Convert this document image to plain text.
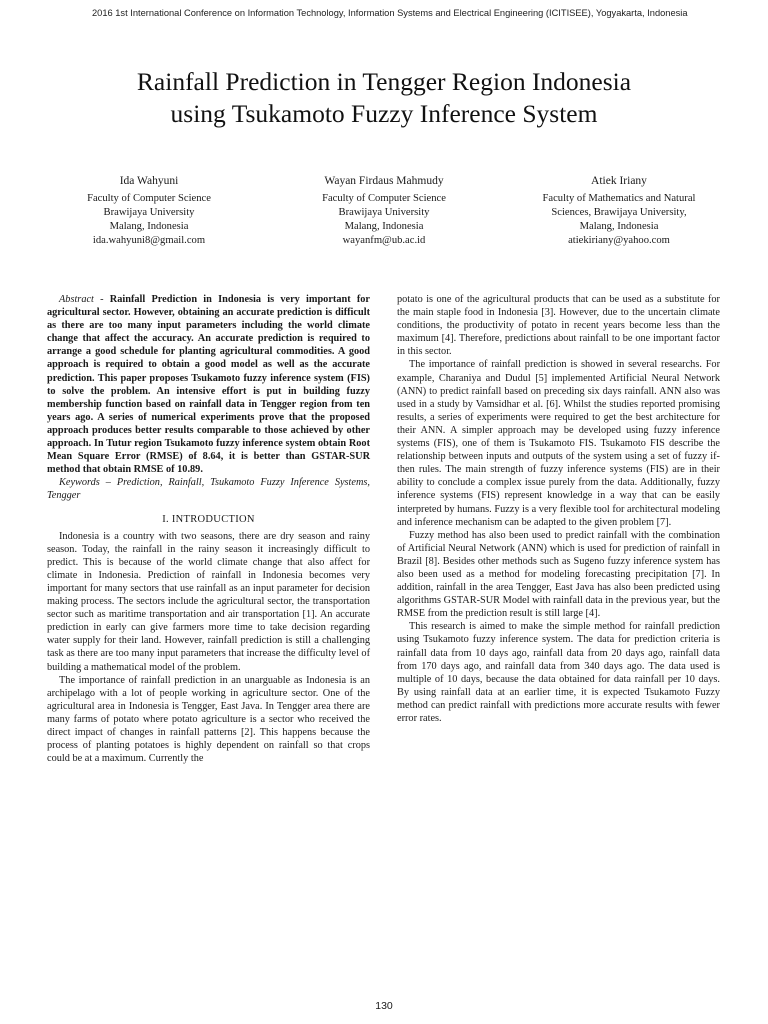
2016 1st International Conference on Information Technology, Information Systems and Electrical Engineering (ICITISEE), Yogyakarta, Indonesia
Rainfall Prediction in Tengger Region Indonesia
using Tsukamoto Fuzzy Inference System
Ida Wahyuni
Faculty of Computer Science
Brawijaya University
Malang, Indonesia
ida.wahyuni8@gmail.com
Wayan Firdaus Mahmudy
Faculty of Computer Science
Brawijaya University
Malang, Indonesia
wayanfm@ub.ac.id
Atiek Iriany
Faculty of Mathematics and Natural
Sciences, Brawijaya University,
Malang, Indonesia
atiekiriany@yahoo.com

Abstract - Rainfall Prediction in Indonesia is very important for agricultural sector. However, obtaining an accurate prediction is difficult as there are too many input parameters including the world climate change that affect the accuracy. An accurate prediction is required to arrange a good schedule for planting agricultural commodities. A good approach is required to obtain a good model as well as the accurate prediction. This paper proposes Tsukamoto fuzzy inference system (FIS) to solve the problem. An intensive effort is put in building fuzzy membership function based on rainfall data in Tengger region from ten years ago. A series of numerical experiments prove that the proposed approach produces better results comparable to those achieved by other approach. In Tutur region Tsukamoto fuzzy inference system obtain Root Mean Square Error (RMSE) of 8.64, it is better than GSTAR-SUR method that obtain RMSE of 10.89.

Keywords – Prediction, Rainfall, Tsukamoto Fuzzy Inference Systems, Tengger

I. INTRODUCTION

Indonesia is a country with two seasons, there are dry season and rainy season. Today, the rainfall in the rainy season it increasingly difficult to predict. This is because of the world climate change that also affect for climate in Indonesia. Prediction of rainfall in Indonesia becomes very important for many sectors that use rainfall as an input parameter for decision making process. The sectors include the agricultural sector, the transportation sector such as maritime transportation and air transportation [1]. An accurate prediction in early can give farmers more time to take decision regarding water supply for their land. However, rainfall prediction is still a challenging task as there are too many input parameters that increase the difficulty level of building a mathematical model of the problem.

The importance of rainfall prediction in an unarguable as Indonesia is an archipelago with a lot of people working in agriculture sector. One of the agricultural area in Indonesia is Tengger, East Java. In Tengger area there are many farms of potato where potato agriculture is a sector who received the direct impact of changes in rainfall patterns [2]. This happens because the process of planting potatoes is highly dependent on rainfall so that crops could be at a maximum. Currently the

potato is one of the agricultural products that can be used as a substitute for the main staple food in Indonesia [3]. However, due to the uncertain climate conditions, the productivity of potato in recent years become less than the maximum [4]. Therefore, predictions about rainfall to be one important factor in this sector.

The importance of rainfall prediction is showed in several researchs. For example, Charaniya and Dudul [5] implemented Artificial Neural Network (ANN) to predict rainfall based on preceding six days rainfall. ANN also was used in a study by Vamsidhar et al. [6]. Whilst the studies reported promising results, a series of experiments were required to get the best architecture for their ANN. A simpler approach may be developed using fuzzy inference systems (FIS), one of them is Tsukamoto FIS. Tsukamoto FIS describe the relationship between inputs and outputs of the system using a set of fuzzy if-then rules. The main strength of fuzzy inference systems (FIS) are in their ability to conclude a complex issue purely from the data. Additionally, fuzzy inference systems (FIS) represent knowledge in a way that can be easily interpreted by humans. Fuzzy is a very flexible tool for architectural modeling and inference mechanism can be adapted to the given problem [7].

Fuzzy method has also been used to predict rainfall with the combination of Artificial Neural Network (ANN) which is used for prediction of rainfall in Brazil [8]. Besides other methods such as Sugeno fuzzy inference system has also been used as a method for modeling forecasting precipitation [7]. In addition, rainfall in the area Tengger, East Java has also been predicted using algorithms GSTAR-SUR Model with rainfall data in the previous year, but the RMSE from the prediction result is still large [4].

This research is aimed to make the simple method for rainfall prediction using Tsukamoto fuzzy inference system. The data for prediction criteria is rainfall data from 10 days ago, rainfall data from 20 days ago, rainfall data from 170 days ago, and rainfall data from 340 days ago. The data used is multiple of 10 days, because the data obtained for data rainfall per 10 days. By using rainfall data at an earlier time, it is expected Tsukamoto Fuzzy method can predict rainfall with predictions more accurate results with fewer error rates.

130
